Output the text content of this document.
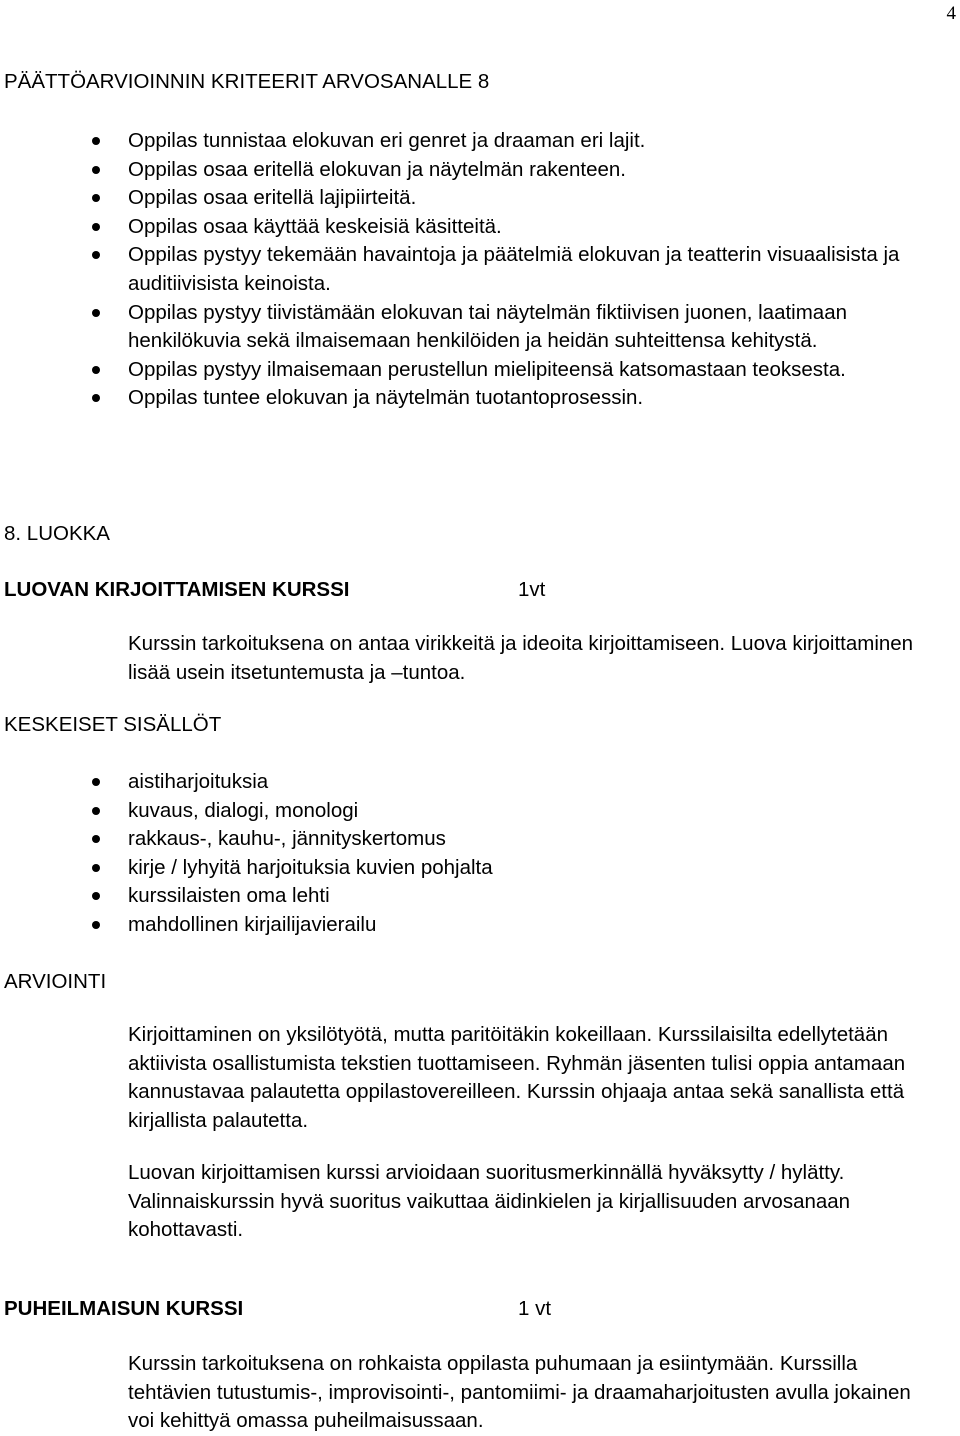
4
PÄÄTTÖARVIOINNIN KRITEERIT ARVOSANALLE 8
Oppilas tunnistaa elokuvan eri genret ja draaman eri lajit.
Oppilas osaa eritellä elokuvan ja näytelmän rakenteen.
Oppilas osaa eritellä lajipiirteitä.
Oppilas osaa käyttää keskeisiä käsitteitä.
Oppilas pystyy tekemään havaintoja ja päätelmiä elokuvan ja teatterin visuaalisista ja auditiivisista keinoista.
Oppilas pystyy tiivistämään elokuvan tai näytelmän fiktiivisen juonen, laatimaan henkilökuvia sekä ilmaisemaan henkilöiden ja heidän suhteittensa kehitystä.
Oppilas pystyy ilmaisemaan perustellun mielipiteensä katsomastaan teoksesta.
Oppilas tuntee elokuvan ja näytelmän tuotantoprosessin.
8. LUOKKA
LUOVAN KIRJOITTAMISEN KURSSI	1vt
Kurssin tarkoituksena on antaa virikkeitä ja ideoita kirjoittamiseen. Luova kirjoittaminen lisää usein itsetuntemusta ja –tuntoa.
KESKEISET SISÄLLÖT
aistiharjoituksia
kuvaus, dialogi, monologi
rakkaus-, kauhu-, jännityskertomus
kirje / lyhyitä harjoituksia kuvien pohjalta
kurssilaisten oma lehti
mahdollinen kirjailijavierailu
ARVIOINTI
Kirjoittaminen on yksilötyötä, mutta paritöitäkin kokeillaan. Kurssilaisilta edellytetään aktiivista osallistumista tekstien tuottamiseen. Ryhmän jäsenten tulisi oppia antamaan kannustavaa palautetta oppilastovereilleen. Kurssin ohjaaja antaa sekä sanallista että kirjallista palautetta.
Luovan kirjoittamisen kurssi arvioidaan suoritusmerkinnällä hyväksytty / hylätty. Valinnaiskurssin hyvä suoritus vaikuttaa äidinkielen ja kirjallisuuden arvosanaan kohottavasti.
PUHEILMAISUN KURSSI	1 vt
Kurssin tarkoituksena on rohkaista oppilasta puhumaan ja esiintymään. Kurssilla tehtävien tutustumis-, improvisointi-, pantomiimi- ja draamaharjoitusten avulla jokainen voi kehittyä omassa puheilmaisussaan.
